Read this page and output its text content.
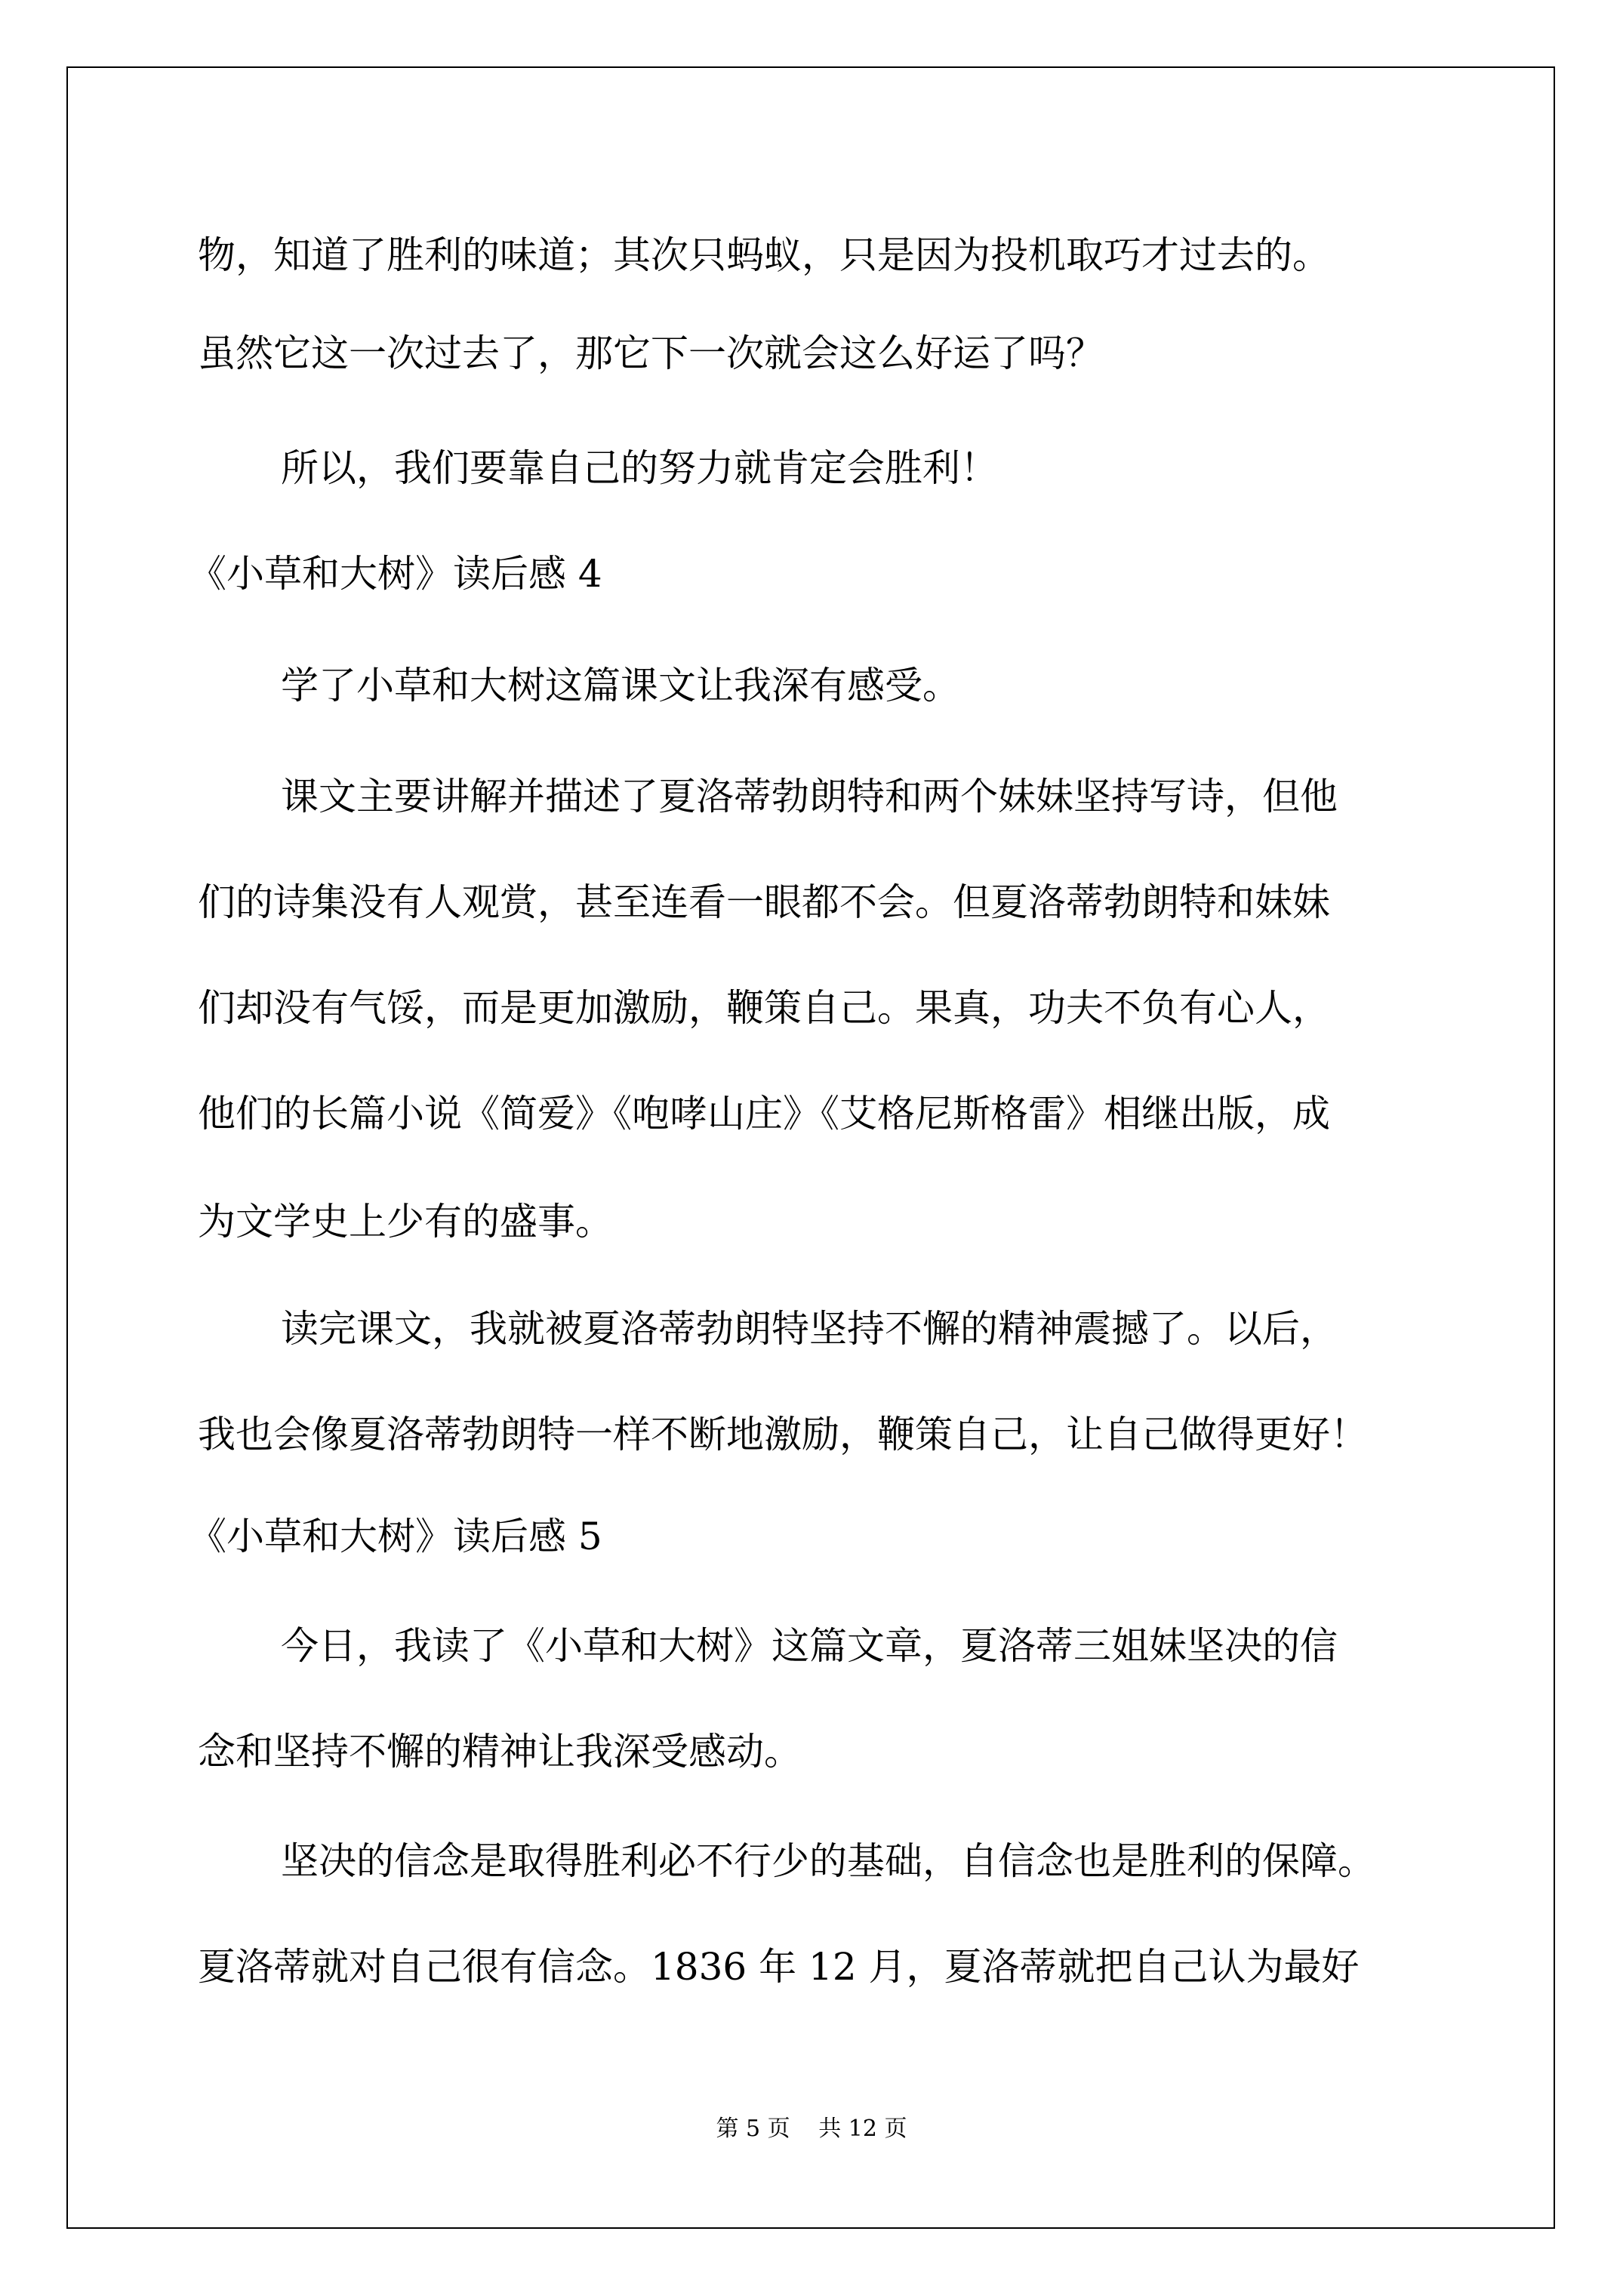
物，知道了胜利的味道；其次只蚂蚁，只是因为投机取巧才过去的。
虽然它这一次过去了，那它下一次就会这么好运了吗？
所以，我们要靠自己的努力就肯定会胜利！
《小草和大树》读后感 4
学了小草和大树这篇课文让我深有感受。
课文主要讲解并描述了夏洛蒂勃朗特和两个妹妹坚持写诗，但他
们的诗集没有人观赏，甚至连看一眼都不会。但夏洛蒂勃朗特和妹妹
们却没有气馁，而是更加激励，鞭策自己。果真，功夫不负有心人，
他们的长篇小说《简爱》《咆哮山庄》《艾格尼斯格雷》相继出版，成
为文学史上少有的盛事。
读完课文，我就被夏洛蒂勃朗特坚持不懈的精神震撼了。以后，
我也会像夏洛蒂勃朗特一样不断地激励，鞭策自己，让自己做得更好！
《小草和大树》读后感 5
今日，我读了《小草和大树》这篇文章，夏洛蒂三姐妹坚决的信
念和坚持不懈的精神让我深受感动。
坚决的信念是取得胜利必不行少的基础，自信念也是胜利的保障。
夏洛蒂就对自己很有信念。1836 年 12 月，夏洛蒂就把自己认为最好
第 5 页 共 12 页
